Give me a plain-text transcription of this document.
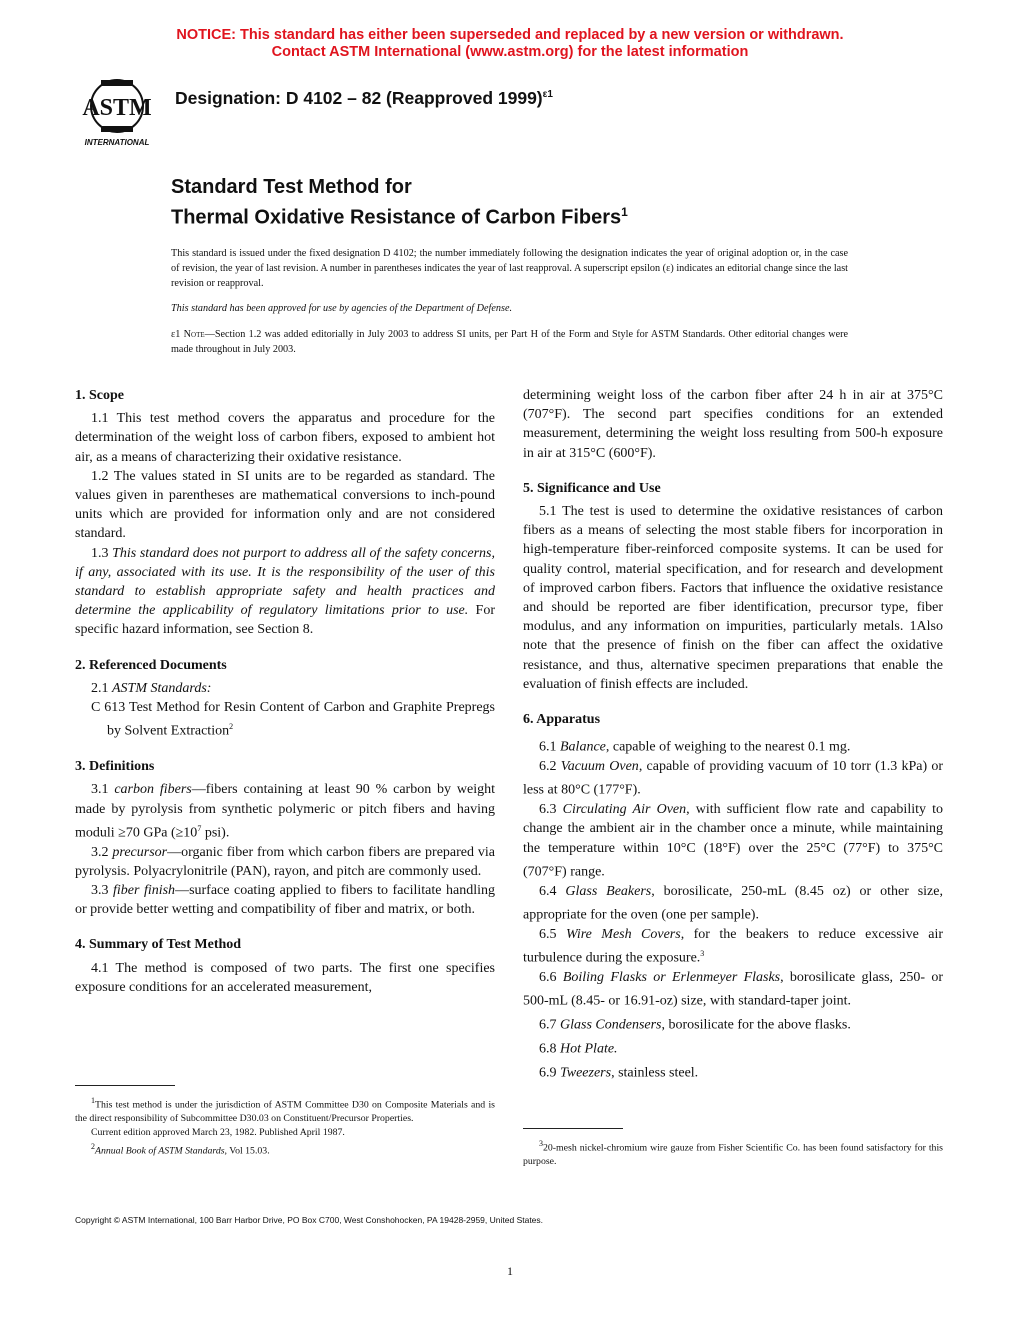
NOTICE: This standard has either been superseded and replaced by a new version or withdrawn.
Contact ASTM International (www.astm.org) for the latest information
ASTM
INTERNATIONAL
Designation: D 4102 – 82 (Reapproved 1999)$^{\varepsilon 1}$
Standard Test Method for
Thermal Oxidative Resistance of Carbon Fibers$^1$
This standard is issued under the fixed designation D 4102; the number immediately following the designation indicates the year of original adoption or, in the case of revision, the year of last revision. A number in parentheses indicates the year of last reapproval. A superscript epsilon (ε) indicates an editorial change since the last revision or reapproval.
This standard has been approved for use by agencies of the Department of Defense.
ε1 Note—Section 1.2 was added editorially in July 2003 to address SI units, per Part H of the Form and Style for ASTM Standards. Other editorial changes were made throughout in July 2003.
1. Scope

1.1 This test method covers the apparatus and procedure for the determination of the weight loss of carbon fibers, exposed to ambient hot air, as a means of characterizing their oxidative resistance.

1.2 The values stated in SI units are to be regarded as standard. The values given in parentheses are mathematical conversions to inch-pound units which are provided for information only and are not considered standard.

1.3 This standard does not purport to address all of the safety concerns, if any, associated with its use. It is the responsibility of the user of this standard to establish appropriate safety and health practices and determine the applicability of regulatory limitations prior to use. For specific hazard information, see Section 8.

2. Referenced Documents

2.1 ASTM Standards:

C 613 Test Method for Resin Content of Carbon and Graphite Prepregs by Solvent Extraction$^2$

3. Definitions

3.1 carbon fibers—fibers containing at least 90 % carbon by weight made by pyrolysis from synthetic polymeric or pitch fibers and having moduli ≥70 GPa ($\ge 10^7$ psi).

3.2 precursor—organic fiber from which carbon fibers are prepared via pyrolysis. Polyacrylonitrile (PAN), rayon, and pitch are commonly used.

3.3 fiber finish—surface coating applied to fibers to facilitate handling or provide better wetting and compatibility of fiber and matrix, or both.

4. Summary of Test Method

4.1 The method is composed of two parts. The first one specifies exposure conditions for an accelerated measurement,

$^1$This test method is under the jurisdiction of ASTM Committee D30 on Composite Materials and is the direct responsibility of Subcommittee D30.03 on Constituent/Precursor Properties.

Current edition approved March 23, 1982. Published April 1987.

$^2$Annual Book of ASTM Standards, Vol 15.03.

determining weight loss of the carbon fiber after 24 h in air at 375°C (707°F). The second part specifies conditions for an extended measurement, determining the weight loss resulting from 500-h exposure in air at 315°C (600°F).

5. Significance and Use

5.1 The test is used to determine the oxidative resistances of carbon fibers as a means of selecting the most stable fibers for incorporation in high-temperature fiber-reinforced composite systems. It can be used for quality control, material specification, and for research and development of improved carbon fibers. Factors that influence the oxidative resistance and should be reported are fiber identification, precursor type, fiber modulus, and any information on impurities, particularly metals. 1Also note that the presence of finish on the fiber can affect the oxidative resistance, and thus, alternative specimen preparations that enable the evaluation of finish effects are included.

6. Apparatus

6.1 Balance, capable of weighing to the nearest 0.1 mg.

6.2 Vacuum Oven, capable of providing vacuum of 10 torr (1.3 kPa) or less at 80°C (177°F).

6.3 Circulating Air Oven, with sufficient flow rate and capability to change the ambient air in the chamber once a minute, while maintaining the temperature within 10°C (18°F) over the 25°C (77°F) to 375°C (707°F) range.

6.4 Glass Beakers, borosilicate, 250-mL (8.45 oz) or other size, appropriate for the oven (one per sample).

6.5 Wire Mesh Covers, for the beakers to reduce excessive air turbulence during the exposure.$^3$

6.6 Boiling Flasks or Erlenmeyer Flasks, borosilicate glass, 250- or 500-mL (8.45- or 16.91-oz) size, with standard-taper joint.

6.7 Glass Condensers, borosilicate for the above flasks.

6.8 Hot Plate.

6.9 Tweezers, stainless steel.

$^3$20-mesh nickel-chromium wire gauze from Fisher Scientific Co. has been found satisfactory for this purpose.

Copyright © ASTM International, 100 Barr Harbor Drive, PO Box C700, West Conshohocken, PA 19428-2959, United States.
1
